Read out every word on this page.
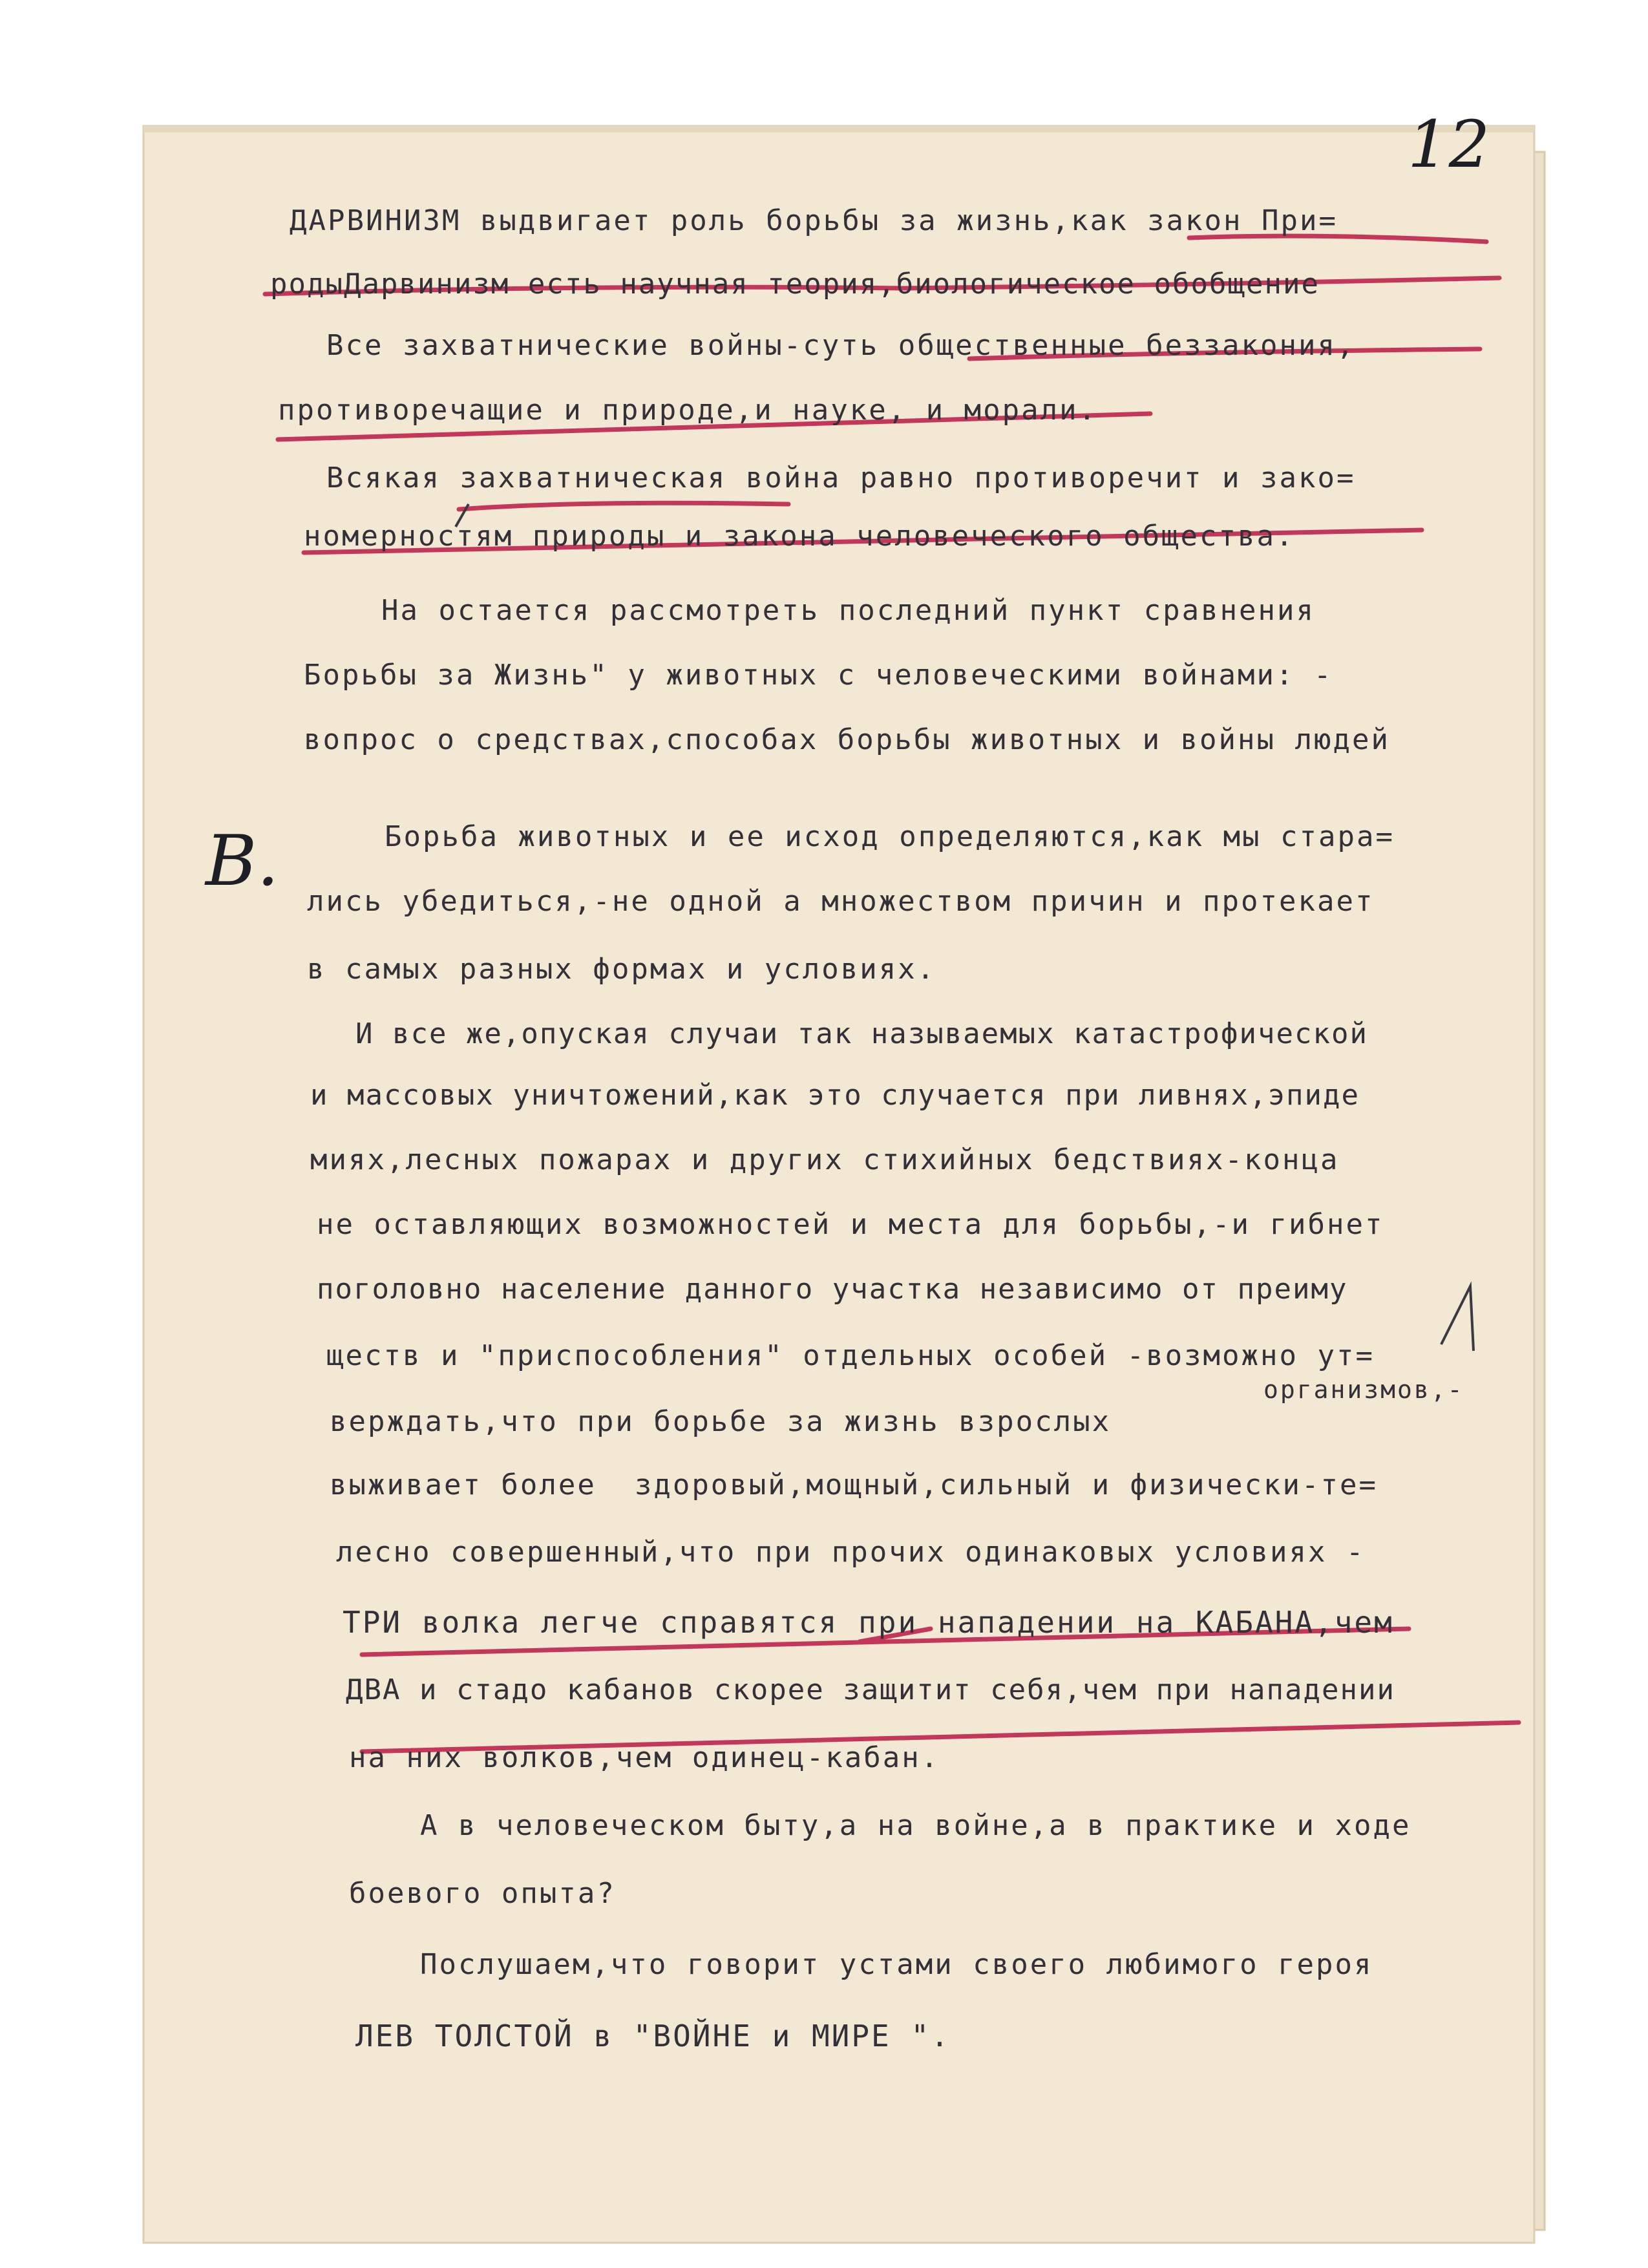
12
В.
ДАРВИНИЗМ выдвигает роль борьбы за жизнь,как закон При=
родыДарвинизм есть научная теория,биологическое обобщение
Все захватнические войны-суть общественные беззакония,
противоречащие и природе,и науке, и морали.
Всякая захватническая война равно противоречит и зако=
номерностям природы и закона человеческого общества.
На остается рассмотреть последний пункт сравнения
Борьбы за Жизнь" у животных с человеческими войнами: -
вопрос о средствах,способах борьбы животных и войны людей
Борьба животных и ее исход определяются,как мы стара=
лись убедиться,-не одной а множеством причин и протекает
в самых разных формах и условиях.
И все же,опуская случаи так называемых катастрофической
и массовых уничтожений,как это случается при ливнях,эпиде
миях,лесных пожарах и других стихийных бедствиях-конца
не оставляющих возможностей и места для борьбы,-и гибнет
поголовно население данного участка независимо от преиму
ществ и "приспособления" отдельных особей -возможно ут=
организмов,-
верждать,что при борьбе за жизнь взрослых
выживает более  здоровый,мощный,сильный и физически-те=
лесно совершенный,что при прочих одинаковых условиях -
ТРИ волка легче справятся при нападении на КАБАНА,чем
ДВА и стадо кабанов скорее защитит себя,чем при нападении
на них волков,чем одинец-кабан.
А в человеческом быту,а на войне,а в практике и ходе
боевого опыта?
Послушаем,что говорит устами своего любимого героя
ЛЕВ ТОЛСТОЙ в "ВОЙНЕ и МИРЕ ".
